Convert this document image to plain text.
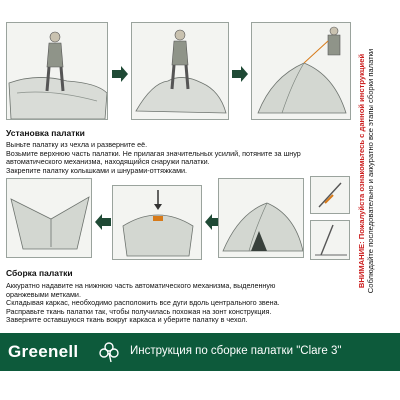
Установка палатки
Выньте палатку из чехла и разверните её.
Возьмите верхнюю часть палатки. Не прилагая значительных усилий, потяните за шнур
автоматического механизма, находящийся снаружи палатки.
Закрепите палатку колышками и шнурами-оттяжками.
Сборка палатки
Аккуратно надавите на нижнюю часть автоматического механизма, выделенную
оранжевыми метками.
Складывая каркас, необходимо расположить все дуги вдоль центрального звена.
Расправьте ткань палатки так, чтобы получилась похожая на зонт конструкция.
Заверните оставшуюся ткань вокруг каркаса и уберите палатку в чехол.
ВНИМАНИЕ: Пожалуйста ознакомьтесь с данной инструкцией Соблюдайте последовательно и аккуратно все этапы сборки палатки
Greenell	Инструкция по сборке палатки "Clare 3"
